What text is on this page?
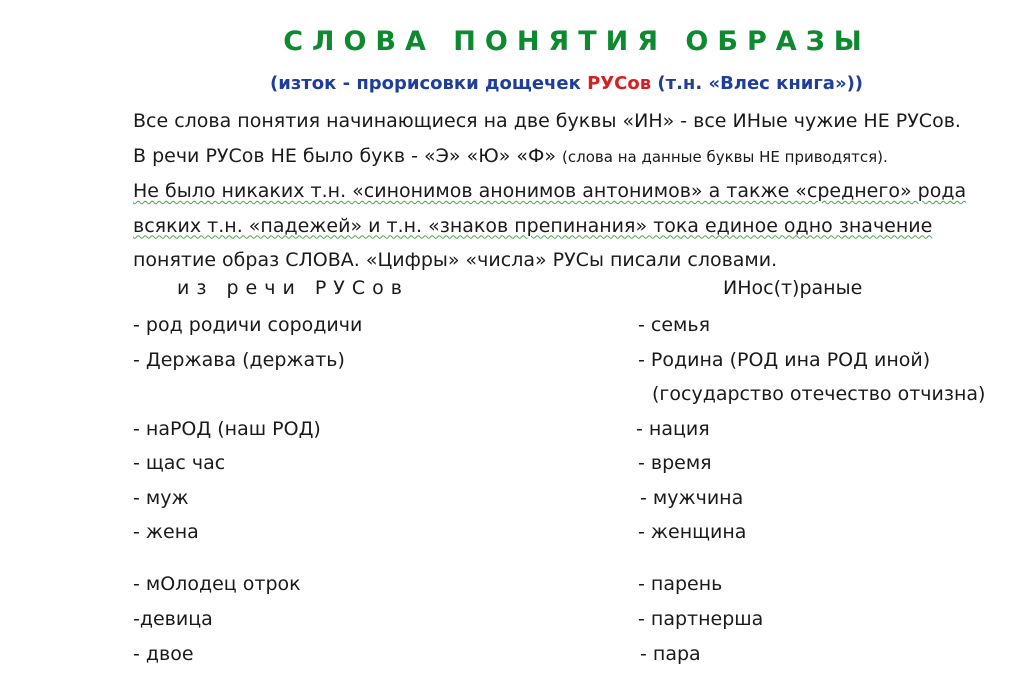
СЛОВА ПОНЯТИЯ ОБРАЗЫ
(изток - прорисовки дощечек РУСов (т.н. «Влес книга»))
Все слова понятия начинающиеся на две буквы «ИН» - все ИНые чужие НЕ РУСов.
В речи РУСов НЕ было букв - «Э» «Ю» «Ф» (слова на данные буквы НЕ приводятся).
Не было никаких т.н. «синонимов анонимов антонимов» а также «среднего» рода
всяких т.н. «падежей» и т.н. «знаков препинания» тока единое одно значение
понятие образ СЛОВА. «Цифры» «числа» РУСы писали словами.
из речи РУСов	ИНос(т)раные
- род родичи сородичи
- Держава (держать)
- наРОД (наш РОД)
- щас час
- муж
- жена
- мОлодец отрок
-девица
- двое
- семья
- Родина (РОД ина РОД иной)
(государство отечество отчизна)
- нация
- время
- мужчина
- женщина
- парень
- партнерша
- пара
